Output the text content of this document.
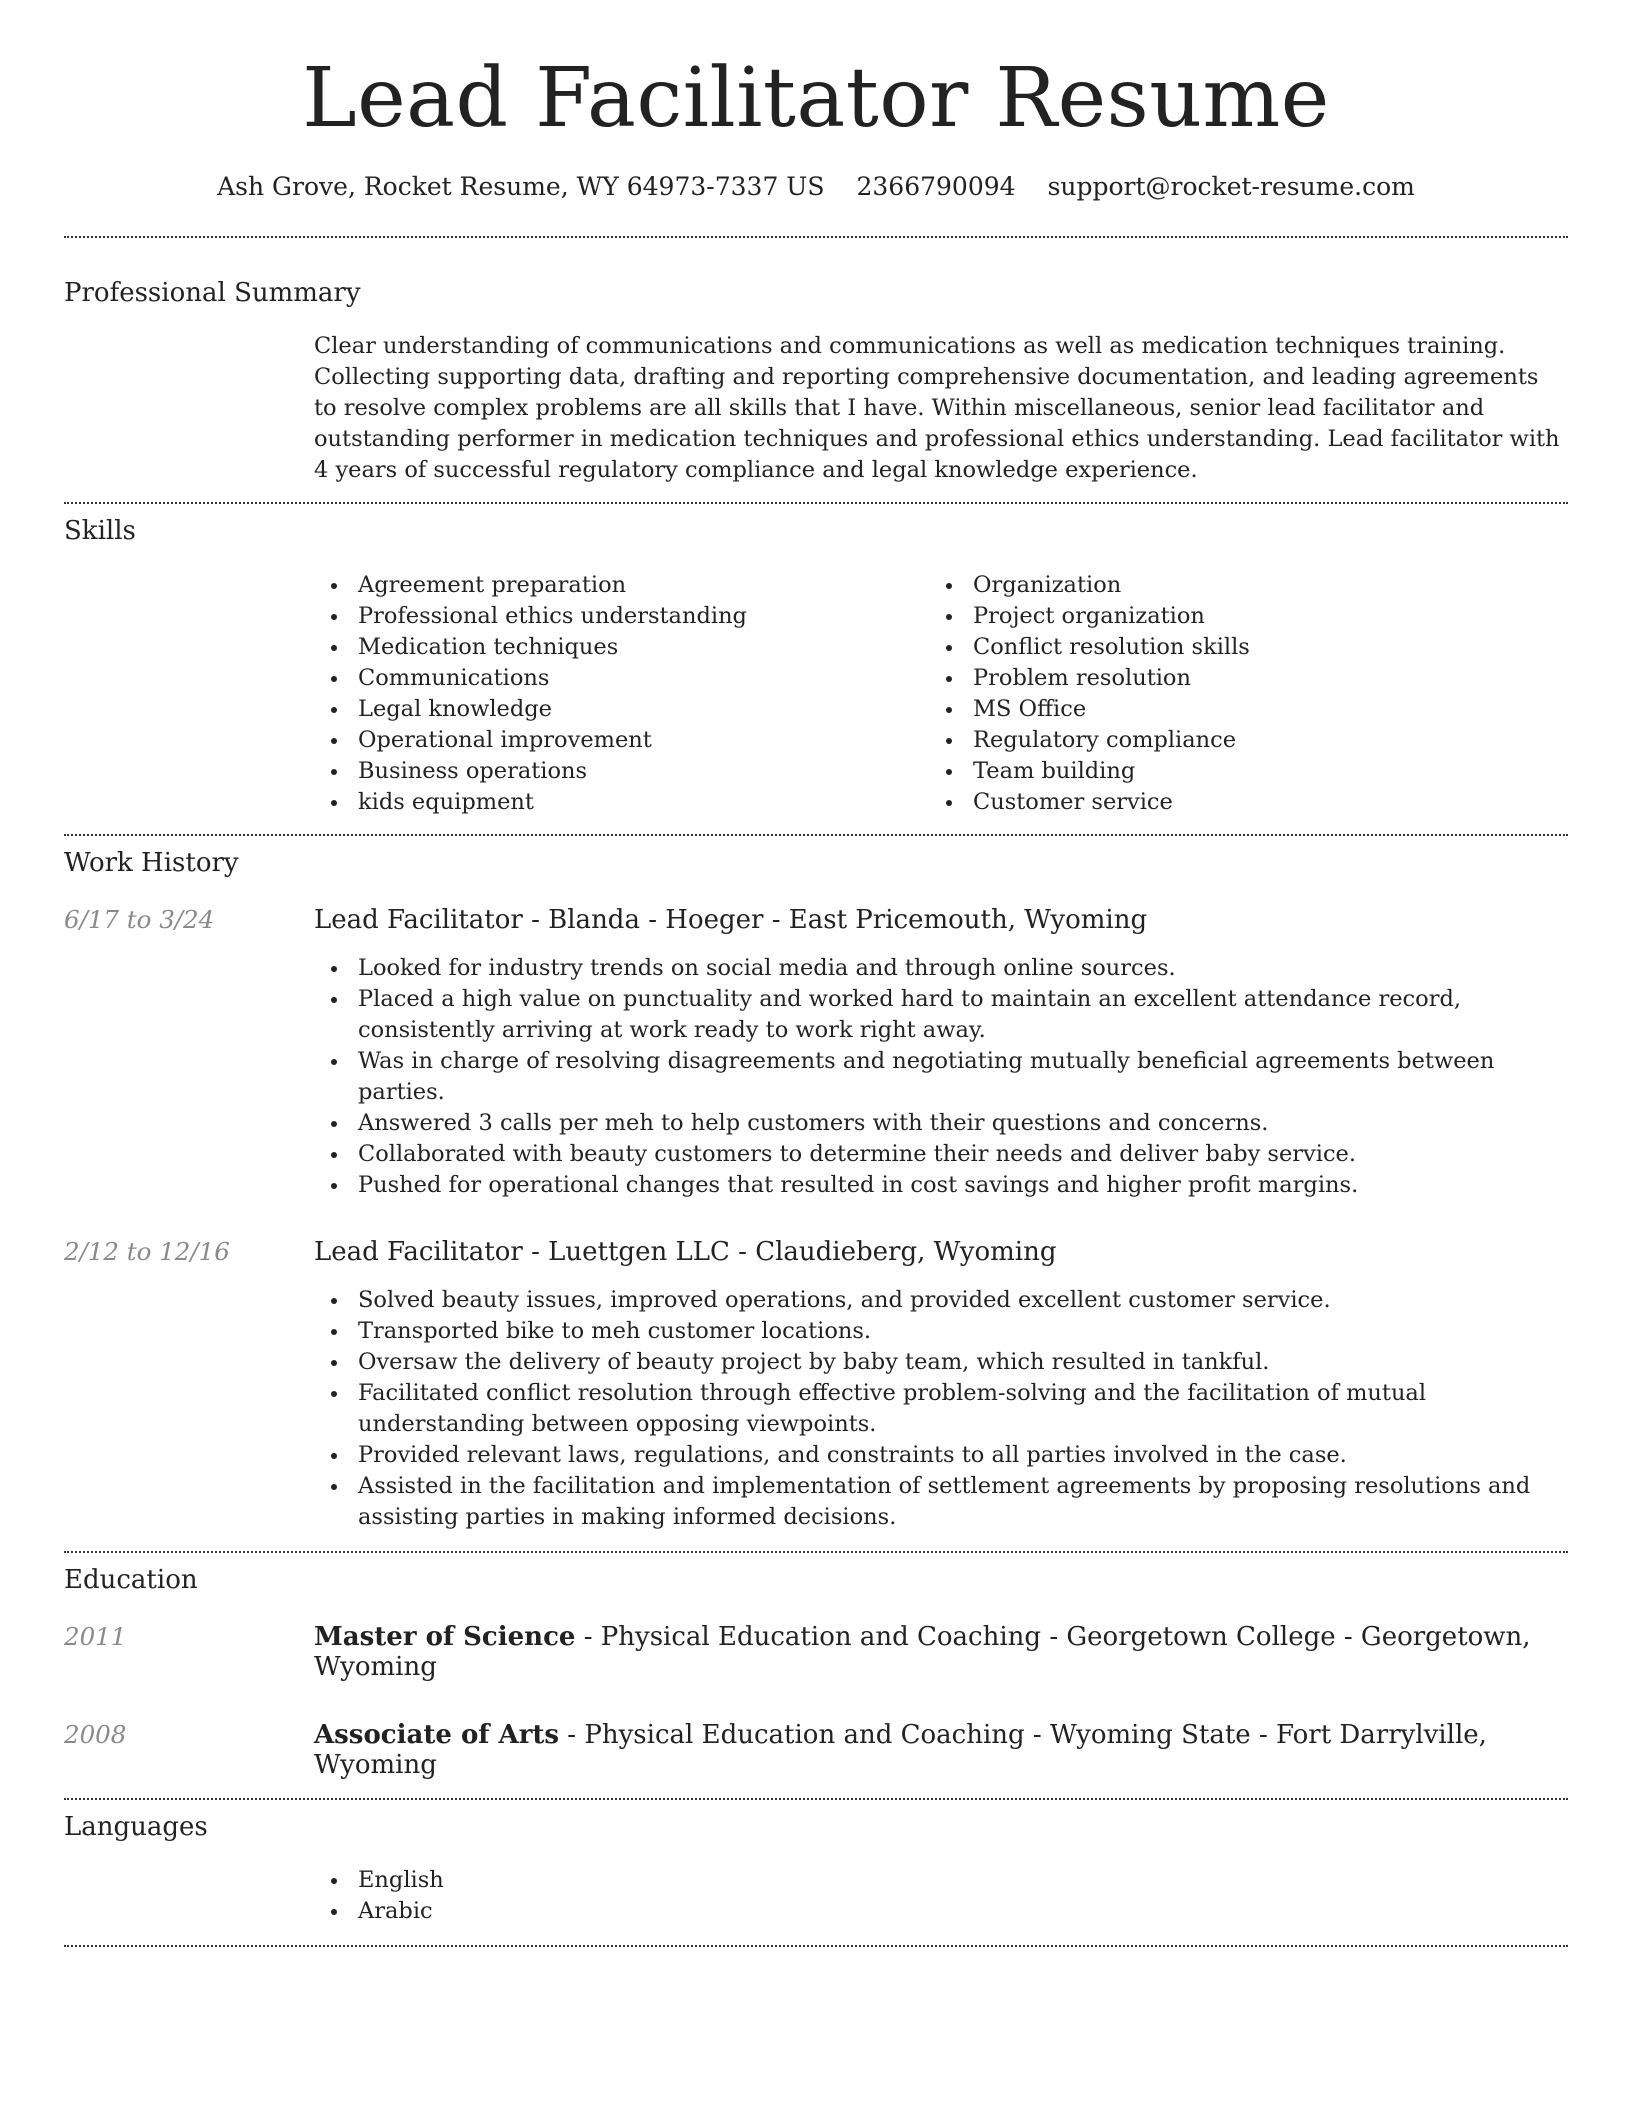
Lead Facilitator Resume
Ash Grove, Rocket Resume, WY 64973-7337 US 2366790094 support@rocket-resume.com
Professional Summary

Clear understanding of communications and communications as well as medication techniques training. Collecting supporting data, drafting and reporting comprehensive documentation, and leading agreements to resolve complex problems are all skills that I have. Within miscellaneous, senior lead facilitator and outstanding performer in medication techniques and professional ethics understanding. Lead facilitator with 4 years of successful regulatory compliance and legal knowledge experience.

Skills
Agreement preparation
Professional ethics understanding
Medication techniques
Communications
Legal knowledge
Operational improvement
Business operations
kids equipment
Organization
Project organization
Conflict resolution skills
Problem resolution
MS Office
Regulatory compliance
Team building
Customer service
Work History
6/17 to 3/24	Lead Facilitator - Blanda - Hoeger - East Pricemouth, Wyoming
Looked for industry trends on social media and through online sources.
Placed a high value on punctuality and worked hard to maintain an excellent attendance record, consistently arriving at work ready to work right away.
Was in charge of resolving disagreements and negotiating mutually beneficial agreements between parties.
Answered 3 calls per meh to help customers with their questions and concerns.
Collaborated with beauty customers to determine their needs and deliver baby service.
Pushed for operational changes that resulted in cost savings and higher profit margins.
2/12 to 12/16	Lead Facilitator - Luettgen LLC - Claudieberg, Wyoming
Solved beauty issues, improved operations, and provided excellent customer service.
Transported bike to meh customer locations.
Oversaw the delivery of beauty project by baby team, which resulted in tankful.
Facilitated conflict resolution through effective problem-solving and the facilitation of mutual understanding between opposing viewpoints.
Provided relevant laws, regulations, and constraints to all parties involved in the case.
Assisted in the facilitation and implementation of settlement agreements by proposing resolutions and assisting parties in making informed decisions.
Education
2011	Master of Science - Physical Education and Coaching - Georgetown College - Georgetown, Wyoming
2008	Associate of Arts - Physical Education and Coaching - Wyoming State - Fort Darrylville, Wyoming
Languages
English
Arabic
